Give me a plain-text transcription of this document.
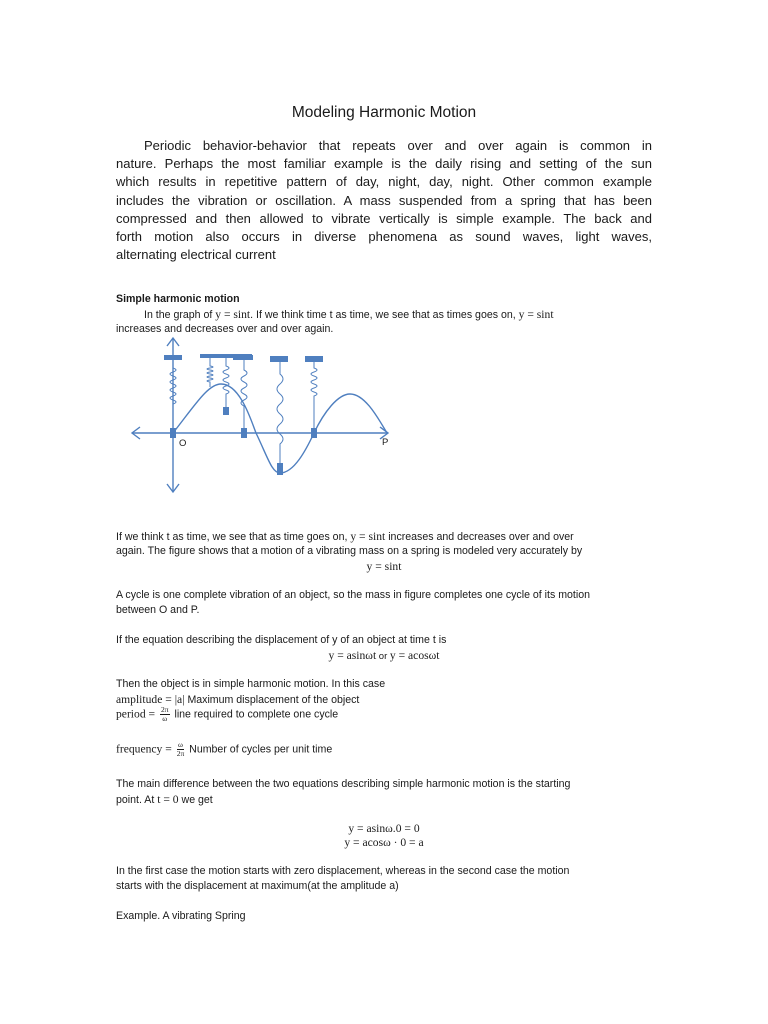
Modeling Harmonic Motion
Periodic behavior-behavior that repeats over and over again is common in
nature. Perhaps the most familiar example is the daily rising and setting of the sun
which results in repetitive pattern of day, night, day, night. Other common example
includes the vibration or oscillation. A mass suspended from a spring that has been
compressed and then allowed to vibrate vertically is simple example. The back and
forth motion also occurs in diverse phenomena as sound waves, light waves,
alternating electrical current
Simple harmonic motion
In the graph of y = sint. If we think time t as time, we see that as times goes on, y = sint
increases and decreases over and over again.
O	P
If we think t as time, we see that as time goes on, y = sint increases and decreases over and over
again. The figure shows that a motion of a vibrating mass on a spring is modeled very accurately by
y = sint
A cycle is one complete vibration of an object, so the mass in figure completes one cycle of its motion
between O and P.
If the equation describing the displacement of y of an object at time t is
y = asinωt or y = acosωt
Then the object is in simple harmonic motion. In this case
amplitude = |a| Maximum displacement of the object
period = $\frac{2\pi}{\omega}$ line required to complete one cycle
frequency = $\frac{\omega}{2\pi}$ Number of cycles per unit time
The main difference between the two equations describing simple harmonic motion is the starting
point. At t = 0 we get
y = asinω.0 = 0
y = acosω · 0 = a
In the first case the motion starts with zero displacement, whereas in the second case the motion
starts with the displacement at maximum(at the amplitude a)
Example. A vibrating Spring
